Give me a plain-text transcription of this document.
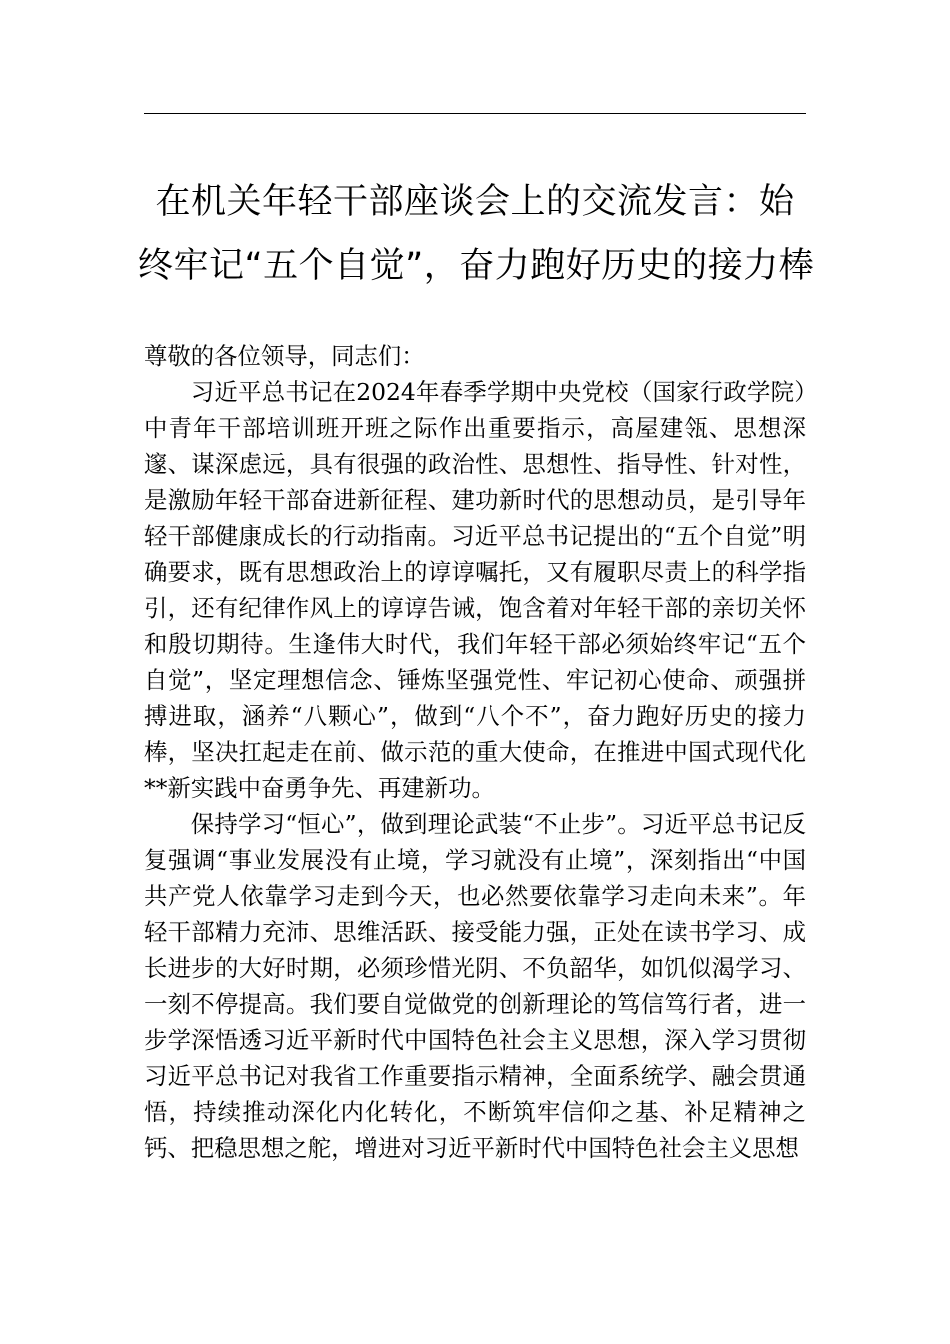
在机关年轻干部座谈会上的交流发言：始
终牢记“五个自觉”，奋力跑好历史的接力棒

尊敬的各位领导，同志们：

习近平总书记在2024年春季学期中央党校（国家行政学院）中青年干部培训班开班之际作出重要指示，高屋建瓴、思想深邃、谋深虑远，具有很强的政治性、思想性、指导性、针对性，是激励年轻干部奋进新征程、建功新时代的思想动员，是引导年轻干部健康成长的行动指南。习近平总书记提出的“五个自觉”明确要求，既有思想政治上的谆谆嘱托，又有履职尽责上的科学指引，还有纪律作风上的谆谆告诫，饱含着对年轻干部的亲切关怀和殷切期待。生逢伟大时代，我们年轻干部必须始终牢记“五个自觉”，坚定理想信念、锤炼坚强党性、牢记初心使命、顽强拼搏进取，涵养“八颗心”，做到“八个不”，奋力跑好历史的接力棒，坚决扛起走在前、做示范的重大使命，在推进中国式现代化**新实践中奋勇争先、再建新功。

保持学习“恒心”，做到理论武装“不止步”。习近平总书记反复强调“事业发展没有止境，学习就没有止境”，深刻指出“中国共产党人依靠学习走到今天，也必然要依靠学习走向未来”。年轻干部精力充沛、思维活跃、接受能力强，正处在读书学习、成长进步的大好时期，必须珍惜光阴、不负韶华，如饥似渴学习、一刻不停提高。我们要自觉做党的创新理论的笃信笃行者，进一步学深悟透习近平新时代中国特色社会主义思想，深入学习贯彻习近平总书记对我省工作重要指示精神，全面系统学、融会贯通悟，持续推动深化内化转化，不断筑牢信仰之基、补足精神之钙、把稳思想之舵，增进对习近平新时代中国特色社会主义思想
